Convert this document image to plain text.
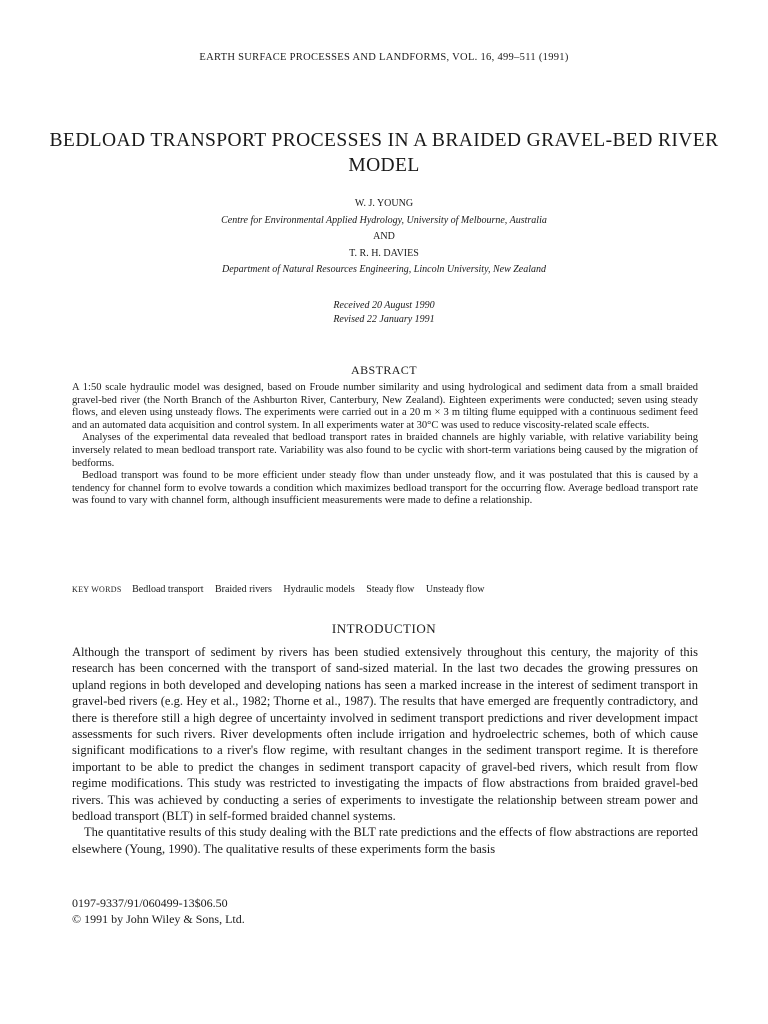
EARTH SURFACE PROCESSES AND LANDFORMS, VOL. 16, 499–511 (1991)
BEDLOAD TRANSPORT PROCESSES IN A BRAIDED GRAVEL-BED RIVER MODEL
W. J. YOUNG
Centre for Environmental Applied Hydrology, University of Melbourne, Australia
AND
T. R. H. DAVIES
Department of Natural Resources Engineering, Lincoln University, New Zealand
Received 20 August 1990
Revised 22 January 1991
ABSTRACT

A 1:50 scale hydraulic model was designed, based on Froude number similarity and using hydrological and sediment data from a small braided gravel-bed river (the North Branch of the Ashburton River, Canterbury, New Zealand). Eighteen experiments were conducted; seven using steady flows, and eleven using unsteady flows. The experiments were carried out in a 20 m × 3 m tilting flume equipped with a continuous sediment feed and an automated data acquisition and control system. In all experiments water at 30°C was used to reduce viscosity-related scale effects.

Analyses of the experimental data revealed that bedload transport rates in braided channels are highly variable, with relative variability being inversely related to mean bedload transport rate. Variability was also found to be cyclic with short-term variations being caused by the migration of bedforms.

Bedload transport was found to be more efficient under steady flow than under unsteady flow, and it was postulated that this is caused by a tendency for channel form to evolve towards a condition which maximizes bedload transport for the occurring flow. Average bedload transport rate was found to vary with channel form, although insufficient measurements were made to define a relationship.

KEY WORDS Bedload transport Braided rivers Hydraulic models Steady flow Unsteady flow
INTRODUCTION

Although the transport of sediment by rivers has been studied extensively throughout this century, the majority of this research has been concerned with the transport of sand-sized material. In the last two decades the growing pressures on upland regions in both developed and developing nations has seen a marked increase in the interest of sediment transport in gravel-bed rivers (e.g. Hey et al., 1982; Thorne et al., 1987). The results that have emerged are frequently contradictory, and there is therefore still a high degree of uncertainty involved in sediment transport predictions and river development impact assessments for such rivers. River developments often include irrigation and hydroelectric schemes, both of which cause significant modifications to a river's flow regime, with resultant changes in the sediment transport regime. It is therefore important to be able to predict the changes in sediment transport capacity of gravel-bed rivers, which result from flow regime modifications. This study was restricted to investigating the impacts of flow abstractions from braided gravel-bed rivers. This was achieved by conducting a series of experiments to investigate the relationship between stream power and bedload transport (BLT) in self-formed braided channel systems.

The quantitative results of this study dealing with the BLT rate predictions and the effects of flow abstractions are reported elsewhere (Young, 1990). The qualitative results of these experiments form the basis

0197-9337/91/060499-13$06.50
© 1991 by John Wiley & Sons, Ltd.
